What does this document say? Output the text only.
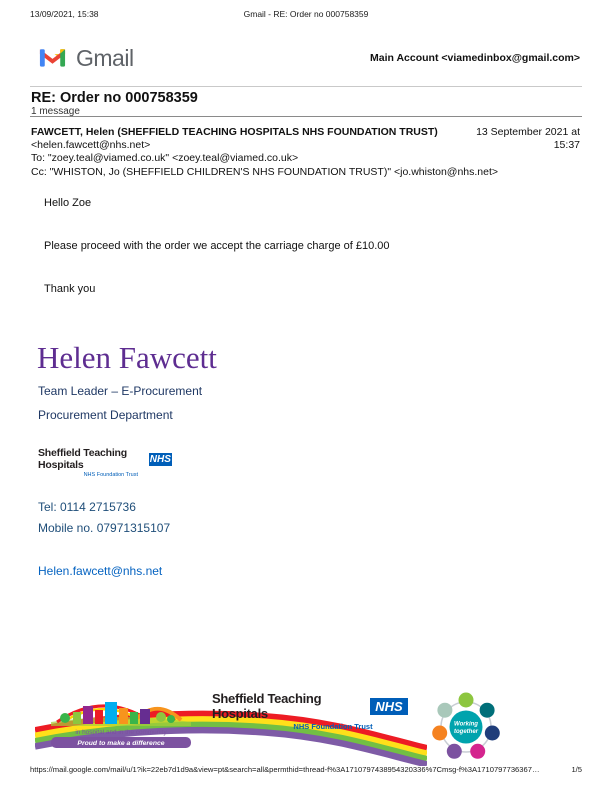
13/09/2021, 15:38	Gmail - RE: Order no 000758359
Gmail	Main Account <viamedinbox@gmail.com>
RE: Order no 000758359
1 message
FAWCETT, Helen (SHEFFIELD TEACHING HOSPITALS NHS FOUNDATION TRUST)
<helen.fawcett@nhs.net>
To: "zoey.teal@viamed.co.uk" <zoey.teal@viamed.co.uk>
Cc: "WHISTON, Jo (SHEFFIELD CHILDREN'S NHS FOUNDATION TRUST)" <jo.whiston@nhs.net>
13 September 2021 at
15:37
Hello Zoe
Please proceed with the order we accept the carriage charge of £10.00
Thank you
Helen Fawcett
Team Leader – E-Procurement
Procurement Department
Sheffield Teaching Hospitals	NHS
NHS Foundation Trust
Tel: 0114 2715736
Mobile no. 07971315107
Helen.fawcett@nhs.net
in hospital and in the community
Proud to make a difference
Sheffield Teaching Hospitals	NHS
NHS Foundation Trust	Working
together
https://mail.google.com/mail/u/1?ik=22eb7d1d9a&view=pt&search=all&permthid=thread-f%3A1710797438954320336%7Cmsg-f%3A1710797736367…	1/5
